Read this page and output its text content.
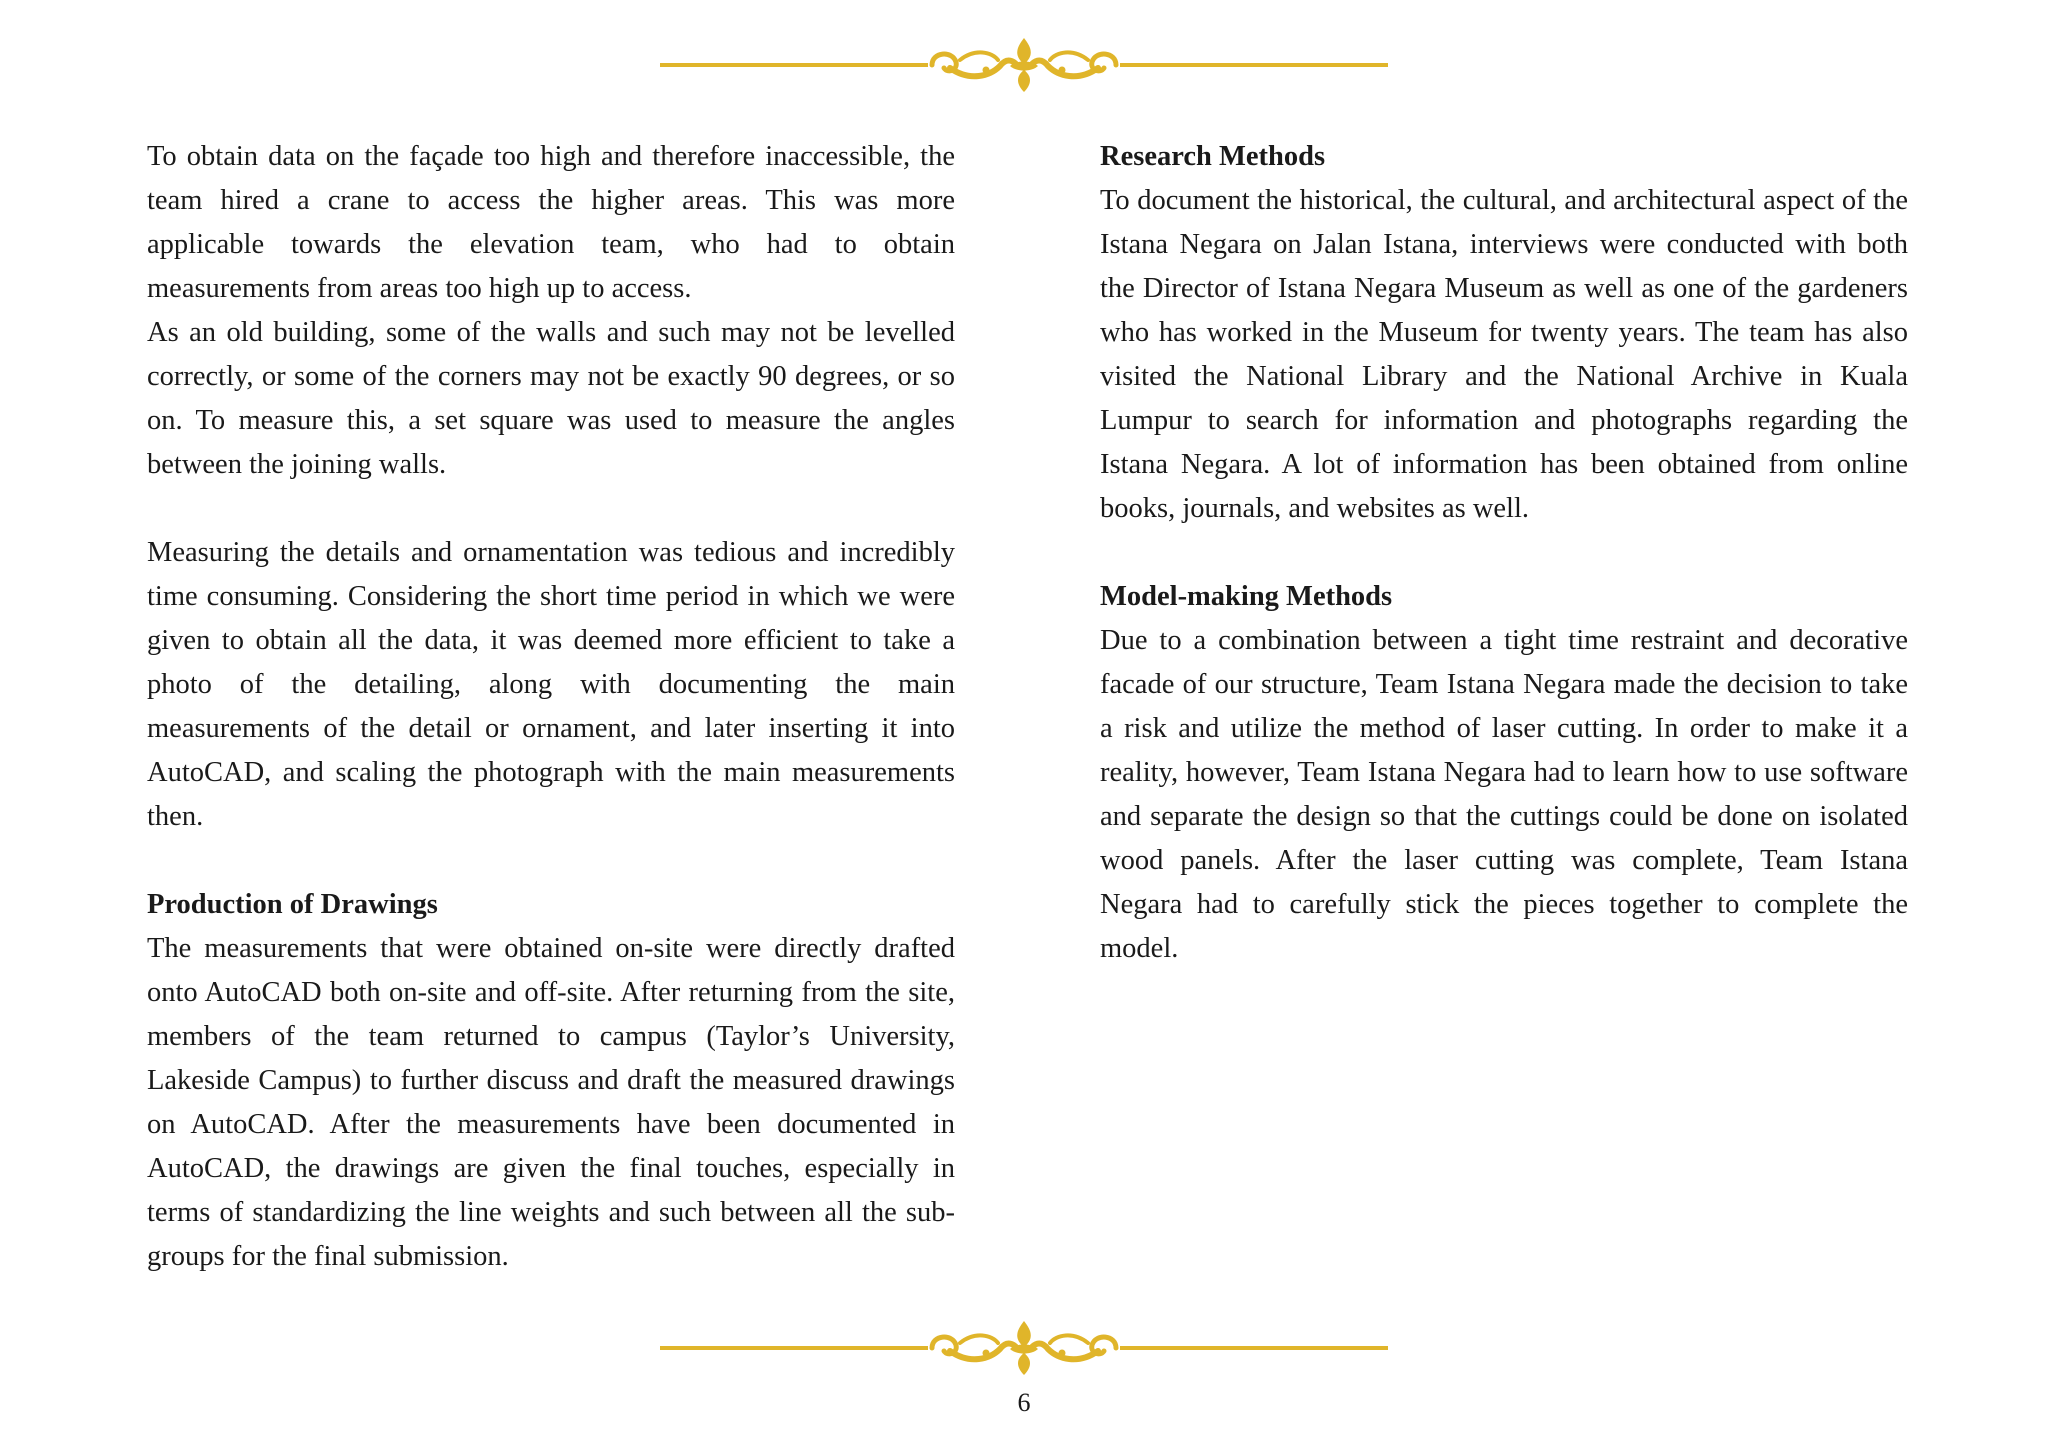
To obtain data on the façade too high and therefore inaccessible, the team hired a crane to access the higher areas. This was more applicable towards the elevation team, who had to obtain measurements from areas too high up to access.

As an old building, some of the walls and such may not be levelled correctly, or some of the corners may not be exactly 90 degrees, or so on. To measure this, a set square was used to measure the angles between the joining walls.

Measuring the details and ornamentation was tedious and incredibly time consuming. Considering the short time period in which we were given to obtain all the data, it was deemed more efficient to take a photo of the detailing, along with documenting the main measurements of the detail or ornament, and later inserting it into AutoCAD, and scaling the photograph with the main measurements then.

Production of Drawings

The measurements that were obtained on-site were directly drafted onto AutoCAD both on-site and off-site. After returning from the site, members of the team returned to campus (Taylor’s University, Lakeside Campus) to further discuss and draft the measured drawings on AutoCAD. After the measurements have been documented in AutoCAD, the drawings are given the final touches, especially in terms of standardizing the line weights and such between all the sub-groups for the final submission.

Research Methods

To document the historical, the cultural, and architectural aspect of the Istana Negara on Jalan Istana, interviews were conducted with both the Director of Istana Negara Museum as well as one of the gardeners who has worked in the Museum for twenty years. The team has also visited the National Library and the National Archive in Kuala Lumpur to search for information and photographs regarding the Istana Negara. A lot of information has been obtained from online books, journals, and websites as well.

Model-making Methods

Due to a combination between a tight time restraint and decorative facade of our structure, Team Istana Negara made the decision to take a risk and utilize the method of laser cutting. In order to make it a reality, however, Team Istana Negara had to learn how to use software and separate the design so that the cuttings could be done on isolated wood panels. After the laser cutting was complete, Team Istana Negara had to carefully stick the pieces together to complete the model.

6
